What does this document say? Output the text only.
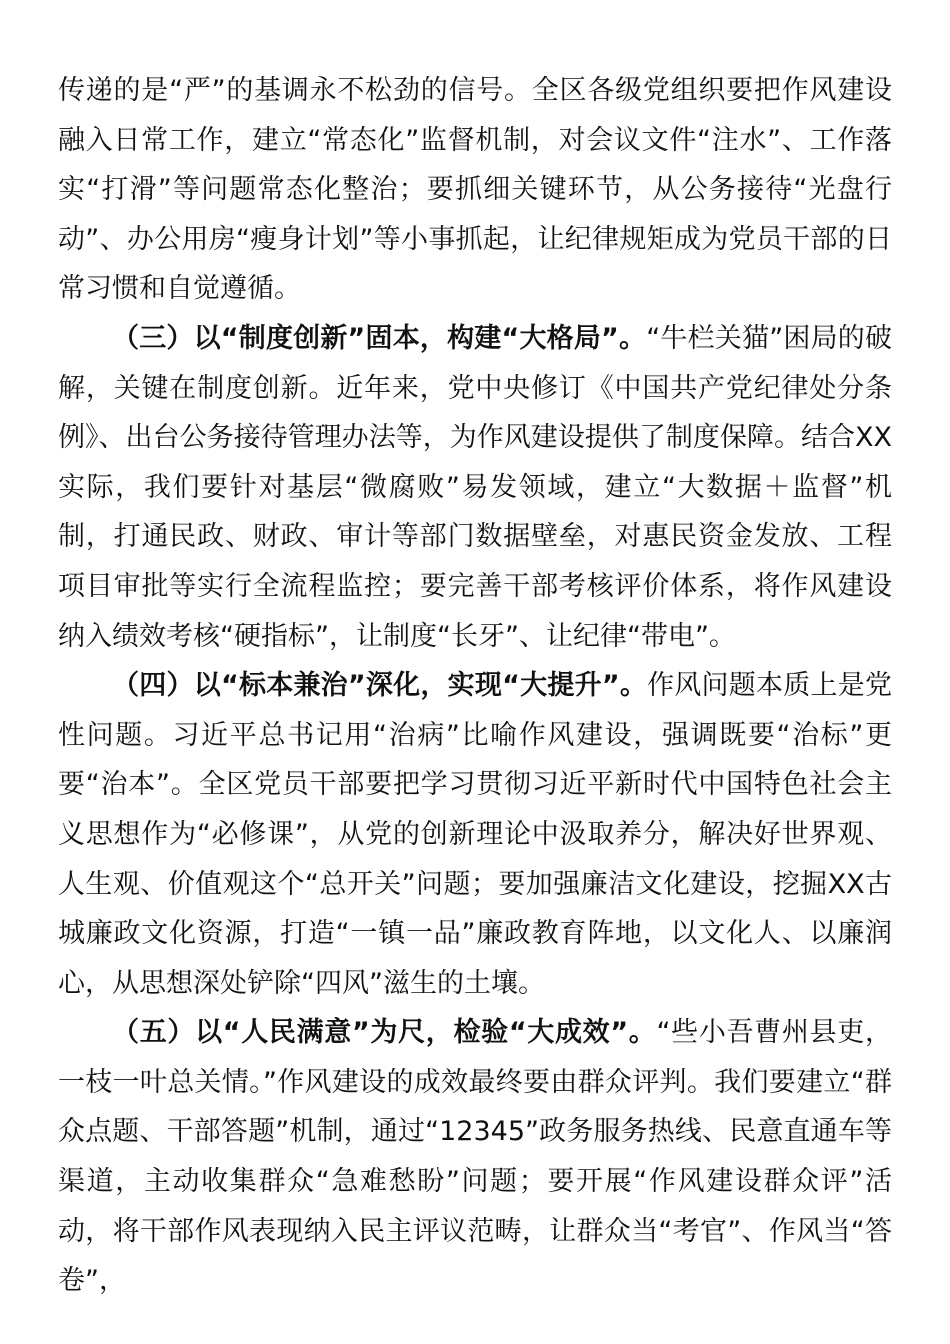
传递的是“严”的基调永不松劲的信号。全区各级党组织要把作风建设融入日常工作，建立“常态化”监督机制，对会议文件“注水”、工作落实“打滑”等问题常态化整治；要抓细关键环节，从公务接待“光盘行动”、办公用房“瘦身计划”等小事抓起，让纪律规矩成为党员干部的日常习惯和自觉遵循。

（三）以“制度创新”固本，构建“大格局”。“牛栏关猫”困局的破解，关键在制度创新。近年来，党中央修订《中国共产党纪律处分条例》、出台公务接待管理办法等，为作风建设提供了制度保障。结合XX实际，我们要针对基层“微腐败”易发领域，建立“大数据＋监督”机制，打通民政、财政、审计等部门数据壁垒，对惠民资金发放、工程项目审批等实行全流程监控；要完善干部考核评价体系，将作风建设纳入绩效考核“硬指标”，让制度“长牙”、让纪律“带电”。

（四）以“标本兼治”深化，实现“大提升”。作风问题本质上是党性问题。习近平总书记用“治病”比喻作风建设，强调既要“治标”更要“治本”。全区党员干部要把学习贯彻习近平新时代中国特色社会主义思想作为“必修课”，从党的创新理论中汲取养分，解决好世界观、人生观、价值观这个“总开关”问题；要加强廉洁文化建设，挖掘XX古城廉政文化资源，打造“一镇一品”廉政教育阵地，以文化人、以廉润心，从思想深处铲除“四风”滋生的土壤。

（五）以“人民满意”为尺，检验“大成效”。“些小吾曹州县吏，一枝一叶总关情。”作风建设的成效最终要由群众评判。我们要建立“群众点题、干部答题”机制，通过“12345”政务服务热线、民意直通车等渠道，主动收集群众“急难愁盼”问题；要开展“作风建设群众评”活动，将干部作风表现纳入民主评议范畴，让群众当“考官”、作风当“答卷”，
